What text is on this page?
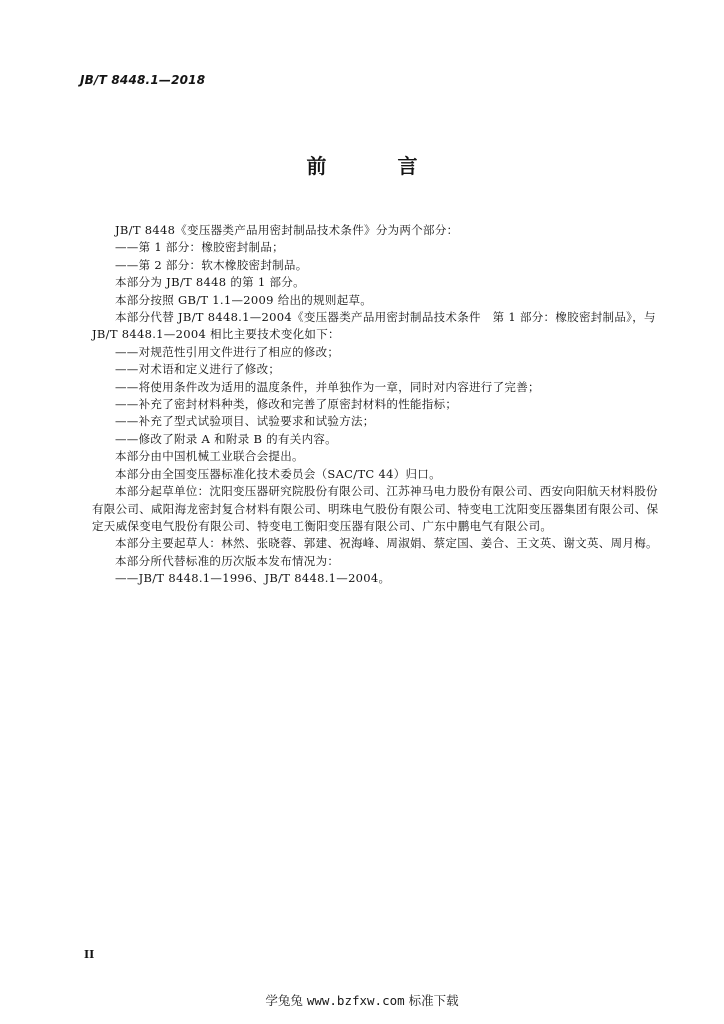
JB/T 8448.1—2018
前 言

JB/T 8448《变压器类产品用密封制品技术条件》分为两个部分：

——第 1 部分：橡胶密封制品；

——第 2 部分：软木橡胶密封制品。

本部分为 JB/T 8448 的第 1 部分。

本部分按照 GB/T 1.1—2009 给出的规则起草。

本部分代替 JB/T 8448.1—2004《变压器类产品用密封制品技术条件　第 1 部分：橡胶密封制品》，与 JB/T 8448.1—2004 相比主要技术变化如下：

——对规范性引用文件进行了相应的修改；

——对术语和定义进行了修改；

——将使用条件改为适用的温度条件，并单独作为一章，同时对内容进行了完善；

——补充了密封材料种类，修改和完善了原密封材料的性能指标；

——补充了型式试验项目、试验要求和试验方法；

——修改了附录 A 和附录 B 的有关内容。

本部分由中国机械工业联合会提出。

本部分由全国变压器标准化技术委员会（SAC/TC 44）归口。

本部分起草单位：沈阳变压器研究院股份有限公司、江苏神马电力股份有限公司、西安向阳航天材料股份有限公司、咸阳海龙密封复合材料有限公司、明珠电气股份有限公司、特变电工沈阳变压器集团有限公司、保定天威保变电气股份有限公司、特变电工衡阳变压器有限公司、广东中鹏电气有限公司。

本部分主要起草人：林然、张晓蓉、郭建、祝海峰、周淑娟、蔡定国、姜合、王文英、谢文英、周月梅。

本部分所代替标准的历次版本发布情况为：

——JB/T 8448.1—1996、JB/T 8448.1—2004。

II
学兔兔 www.bzfxw.com 标准下载
